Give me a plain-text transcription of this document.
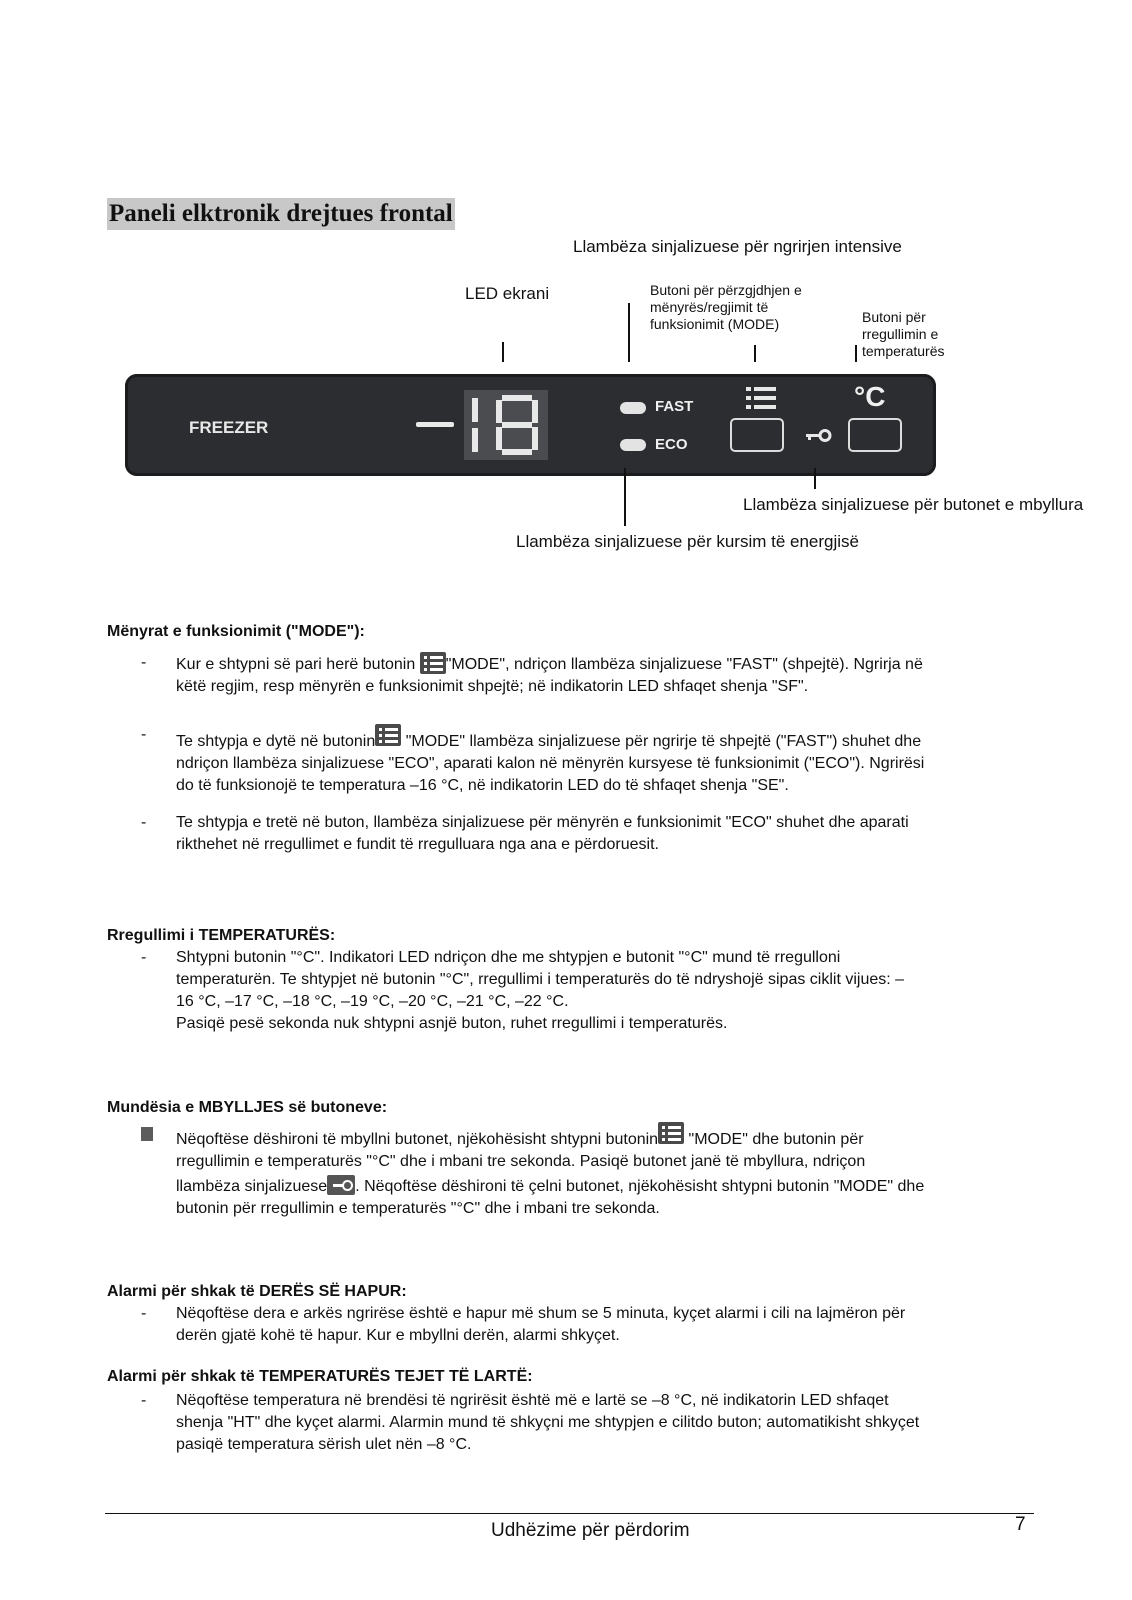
Paneli elktronik drejtues frontal
Llambëza sinjalizuese për ngrirjen intensive
LED ekrani	Butoni për përzgjdhjen e
mënyrës/regjimit të
funksionimit (MODE)	Butoni për
rregullimin e
temperaturës
FREEZER
FAST
ECO
°C
Llambëza sinjalizuese për butonet e mbyllura
Llambëza sinjalizuese për kursim të energjisë
Mënyrat e funksionimit ("MODE"):
- Kur e shtypni së pari herë butonin "MODE", ndriçon llambëza sinjalizuese "FAST" (shpejtë). Ngrirja në
këtë regjim, resp mënyrën e funksionimit shpejtë; në indikatorin LED shfaqet shenja "SF".
- Te shtypja e dytë në butonin "MODE" llambëza sinjalizuese për ngrirje të shpejtë ("FAST") shuhet dhe
ndriçon llambëza sinjalizuese "ECO", aparati kalon në mënyrën kursyese të funksionimit ("ECO"). Ngrirësi
do të funksionojë te temperatura –16 °C, në indikatorin LED do të shfaqet shenja "SE".
- Te shtypja e tretë në buton, llambëza sinjalizuese për mënyrën e funksionimit "ECO" shuhet dhe aparati
rikthehet në rregullimet e fundit të rregulluara nga ana e përdoruesit.
Rregullimi i TEMPERATURËS:
- Shtypni butonin "°C". Indikatori LED ndriçon dhe me shtypjen e butonit "°C" mund të rregulloni
temperaturën. Te shtypjet në butonin "°C", rregullimi i temperaturës do të ndryshojë sipas ciklit vijues: –
16 °C, –17 °C, –18 °C, –19 °C, –20 °C, –21 °C, –22 °C.
Pasiqë pesë sekonda nuk shtypni asnjë buton, ruhet rregullimi i temperaturës.
Mundësia e MBYLLJES së butoneve:
Nëqoftëse dëshironi të mbyllni butonet, njëkohësisht shtypni butonin "MODE" dhe butonin për
rregullimin e temperaturës "°C" dhe i mbani tre sekonda. Pasiqë butonet janë të mbyllura, ndriçon
llambëza sinjalizuese . Nëqoftëse dëshironi të çelni butonet, njëkohësisht shtypni butonin "MODE" dhe
butonin për rregullimin e temperaturës "°C" dhe i mbani tre sekonda.
Alarmi për shkak të DERËS SË HAPUR:
- Nëqoftëse dera e arkës ngrirëse është e hapur më shum se 5 minuta, kyçet alarmi i cili na lajmëron për
derën gjatë kohë të hapur. Kur e mbyllni derën, alarmi shkyçet.
Alarmi për shkak të TEMPERATURËS TEJET TË LARTË:
- Nëqoftëse temperatura në brendësi të ngrirësit është më e lartë se –8 °C, në indikatorin LED shfaqet
shenja "HT" dhe kyçet alarmi. Alarmin mund të shkyçni me shtypjen e cilitdo buton; automatikisht shkyçet
pasiqë temperatura sërish ulet nën –8 °C.
Udhëzime për përdorim	7
